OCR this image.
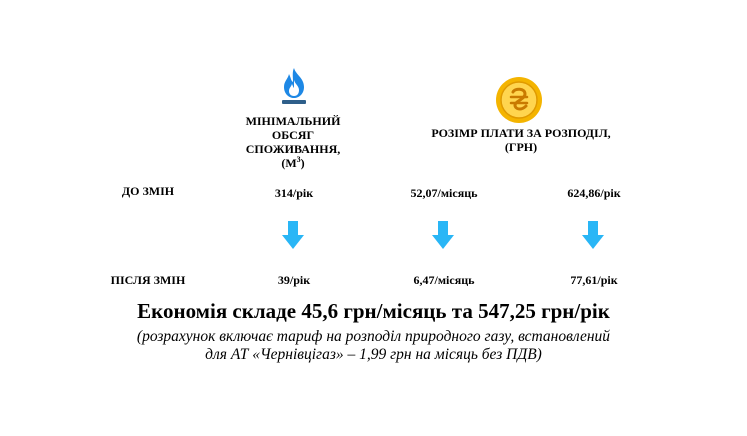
МІНІМАЛЬНИЙ
ОБСЯГ
СПОЖИВАННЯ,
$(М^3)$
РОЗІМР ПЛАТИ ЗА РОЗПОДІЛ,
(ГРН)
ДО ЗМІН	314/рік	52,07/місяць	624,86/рік
ПІСЛЯ ЗМІН	39/рік	6,47/місяць	77,61/рік
Економія складе 45,6 грн/місяць та 547,25 грн/рік
(розрахунок включає тариф на розподіл природного газу, встановлений
для АТ «Чернівцігаз» – 1,99 грн на місяць без ПДВ)
